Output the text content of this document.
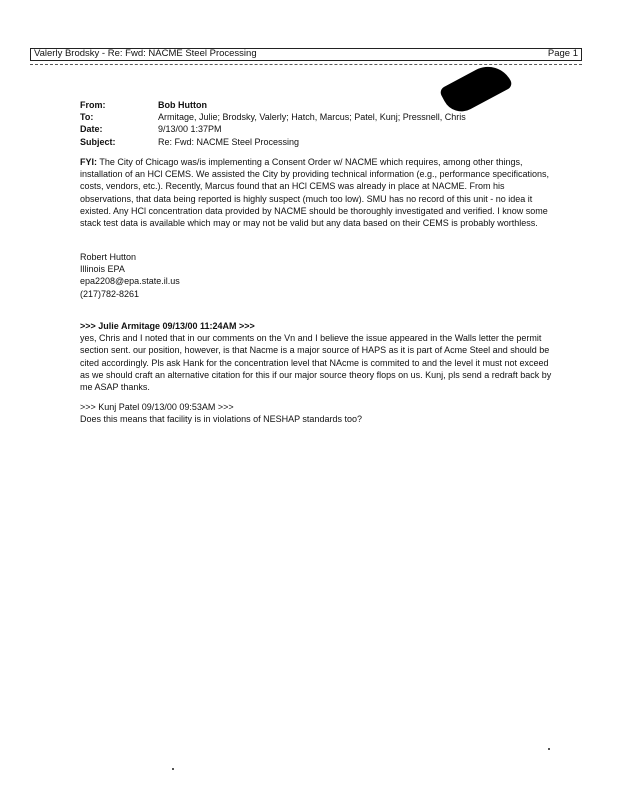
Valerly Brodsky - Re: Fwd: NACME Steel Processing	Page 1
From:	Bob Hutton
To:	Armitage, Julie; Brodsky, Valerly; Hatch, Marcus; Patel, Kunj; Pressnell, Chris
Date:	9/13/00 1:37PM
Subject:	Re: Fwd: NACME Steel Processing

FYI: The City of Chicago was/is implementing a Consent Order w/ NACME which requires, among other things, installation of an HCl CEMS. We assisted the City by providing technical information (e.g., performance specifications, costs, vendors, etc.). Recently, Marcus found that an HCl CEMS was already in place at NACME. From his observations, that data being reported is highly suspect (much too low). SMU has no record of this unit - no idea it existed. Any HCl concentration data provided by NACME should be thoroughly investigated and verified. I know some stack test data is available which may or may not be valid but any data based on their CEMS is probably worthless.

Robert Hutton
Illinois EPA
epa2208@epa.state.il.us
(217)782-8261
>>> Julie Armitage 09/13/00 11:24AM >>>

yes, Chris and I noted that in our comments on the Vn and I believe the issue appeared in the Walls letter the permit section sent. our position, however, is that Nacme is a major source of HAPS as it is part of Acme Steel and should be cited accordingly. Pls ask Hank for the concentration level that NAcme is commited to and the level it must not exceed as we should craft an alternative citation for this if our major source theory flops on us. Kunj, pls send a redraft back by me ASAP thanks.

>>> Kunj Patel 09/13/00 09:53AM >>>

Does this means that facility is in violations of NESHAP standards too?
